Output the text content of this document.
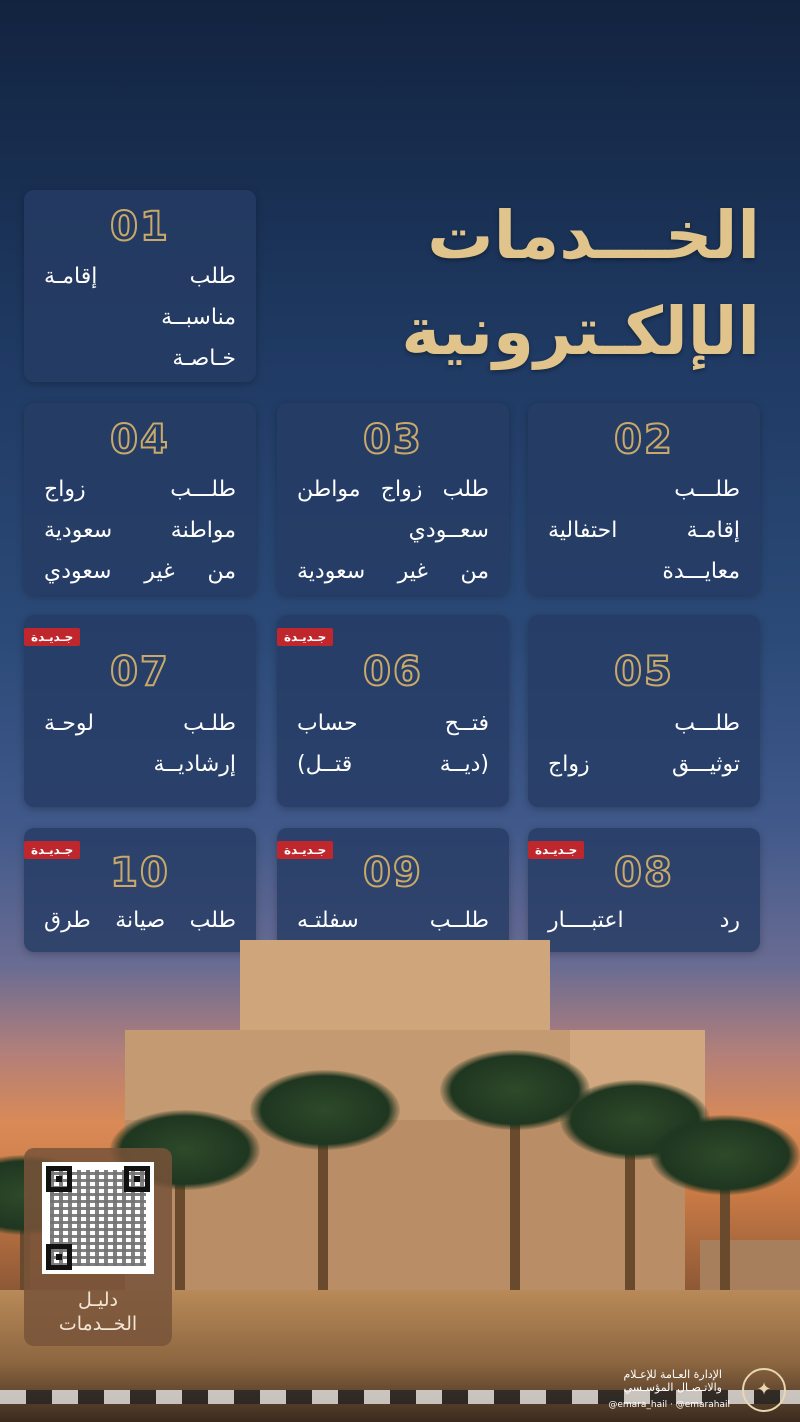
الخـــدمات
الإلكـترونية
01
طلب إقامـة
مناسبــة
خـاصـة
02
طلـــب
إقامـة احتفالية
معايـــدة
03
طلب زواج مواطن
سعــودي
من غير سعودية
04
طلـــب زواج
مواطنة سعودية
من غير سعودي
05
طلـــب
توثيـــق زواج
جـديـدة
06
فتــح حساب
(ديــة قتــل)
جـديـدة
07
طلـب لوحـة
إرشاديــة
جـديـدة 08
رد اعتبــــار
جـديـدة 09
طلــب سفلتـه
جـديـدة 10
طلب صيانة طرق
دليـل
الخــدمات
الإدارة العـامة للإعـلام
والاتـصـال المؤسـسي
@emara_hail · @emarahail
✦
